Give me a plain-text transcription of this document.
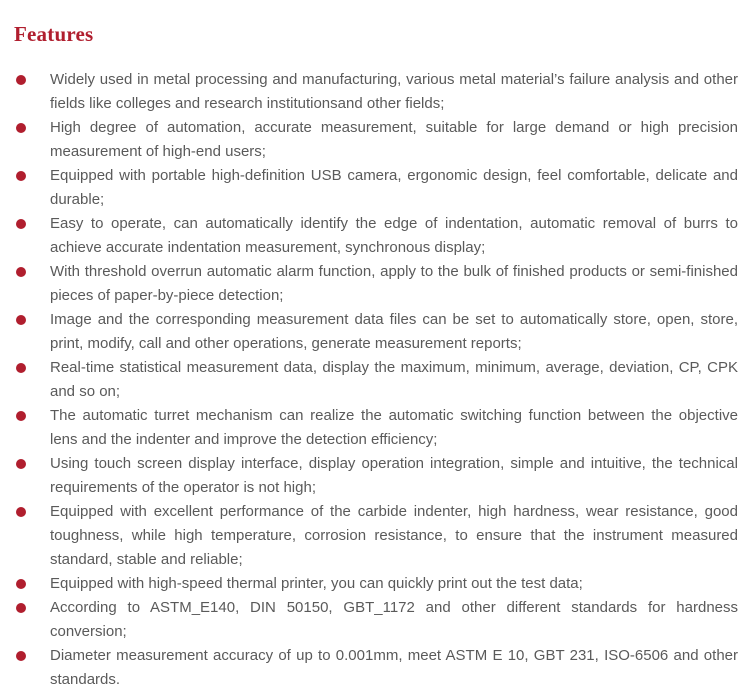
Features
Widely used in metal processing and manufacturing, various metal material’s failure analysis and other fields like colleges and research institutionsand other fields;
High degree of automation, accurate measurement, suitable for large demand or high precision measurement of high-end users;
Equipped with portable high-definition USB camera, ergonomic design, feel comfortable, delicate and durable;
Easy to operate, can automatically identify the edge of indentation, automatic removal of burrs to achieve accurate indentation measurement, synchronous display;
With threshold overrun automatic alarm function, apply to the bulk of finished products or semi-finished pieces of paper-by-piece detection;
Image and the corresponding measurement data files can be set to automatically store, open, store, print, modify, call and other operations, generate measurement reports;
Real-time statistical measurement data, display the maximum, minimum, average, deviation, CP, CPK and so on;
The automatic turret mechanism can realize the automatic switching function between the objective lens and the indenter and improve the detection efficiency;
Using touch screen display interface, display operation integration, simple and intuitive, the technical requirements of the operator is not high;
Equipped with excellent performance of the carbide indenter, high hardness, wear resistance, good toughness, while high temperature, corrosion resistance, to ensure that the instrument measured standard, stable and reliable;
Equipped with high-speed thermal printer, you can quickly print out the test data;
According to ASTM_E140, DIN 50150, GBT_1172 and other different standards for hardness conversion;
Diameter measurement accuracy of up to 0.001mm, meet ASTM E 10, GBT 231, ISO-6506 and other standards.
